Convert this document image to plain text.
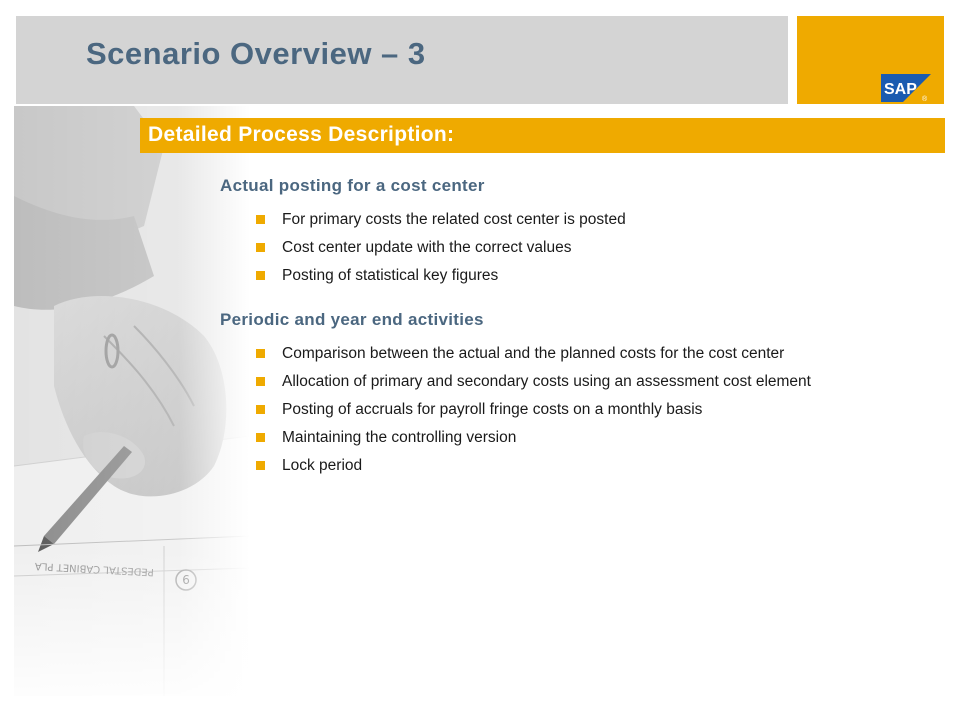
Scenario Overview – 3
SAP
®
Detailed Process Description:
Actual posting for a cost center
For primary costs the related cost center is posted
Cost center update with the correct values
Posting of statistical key figures
Periodic and year end activities
Comparison between the actual and the planned costs for the cost center
Allocation of primary and secondary costs using an assessment cost element
Posting of accruals for payroll fringe costs on a monthly basis
Maintaining the controlling version
Lock period
